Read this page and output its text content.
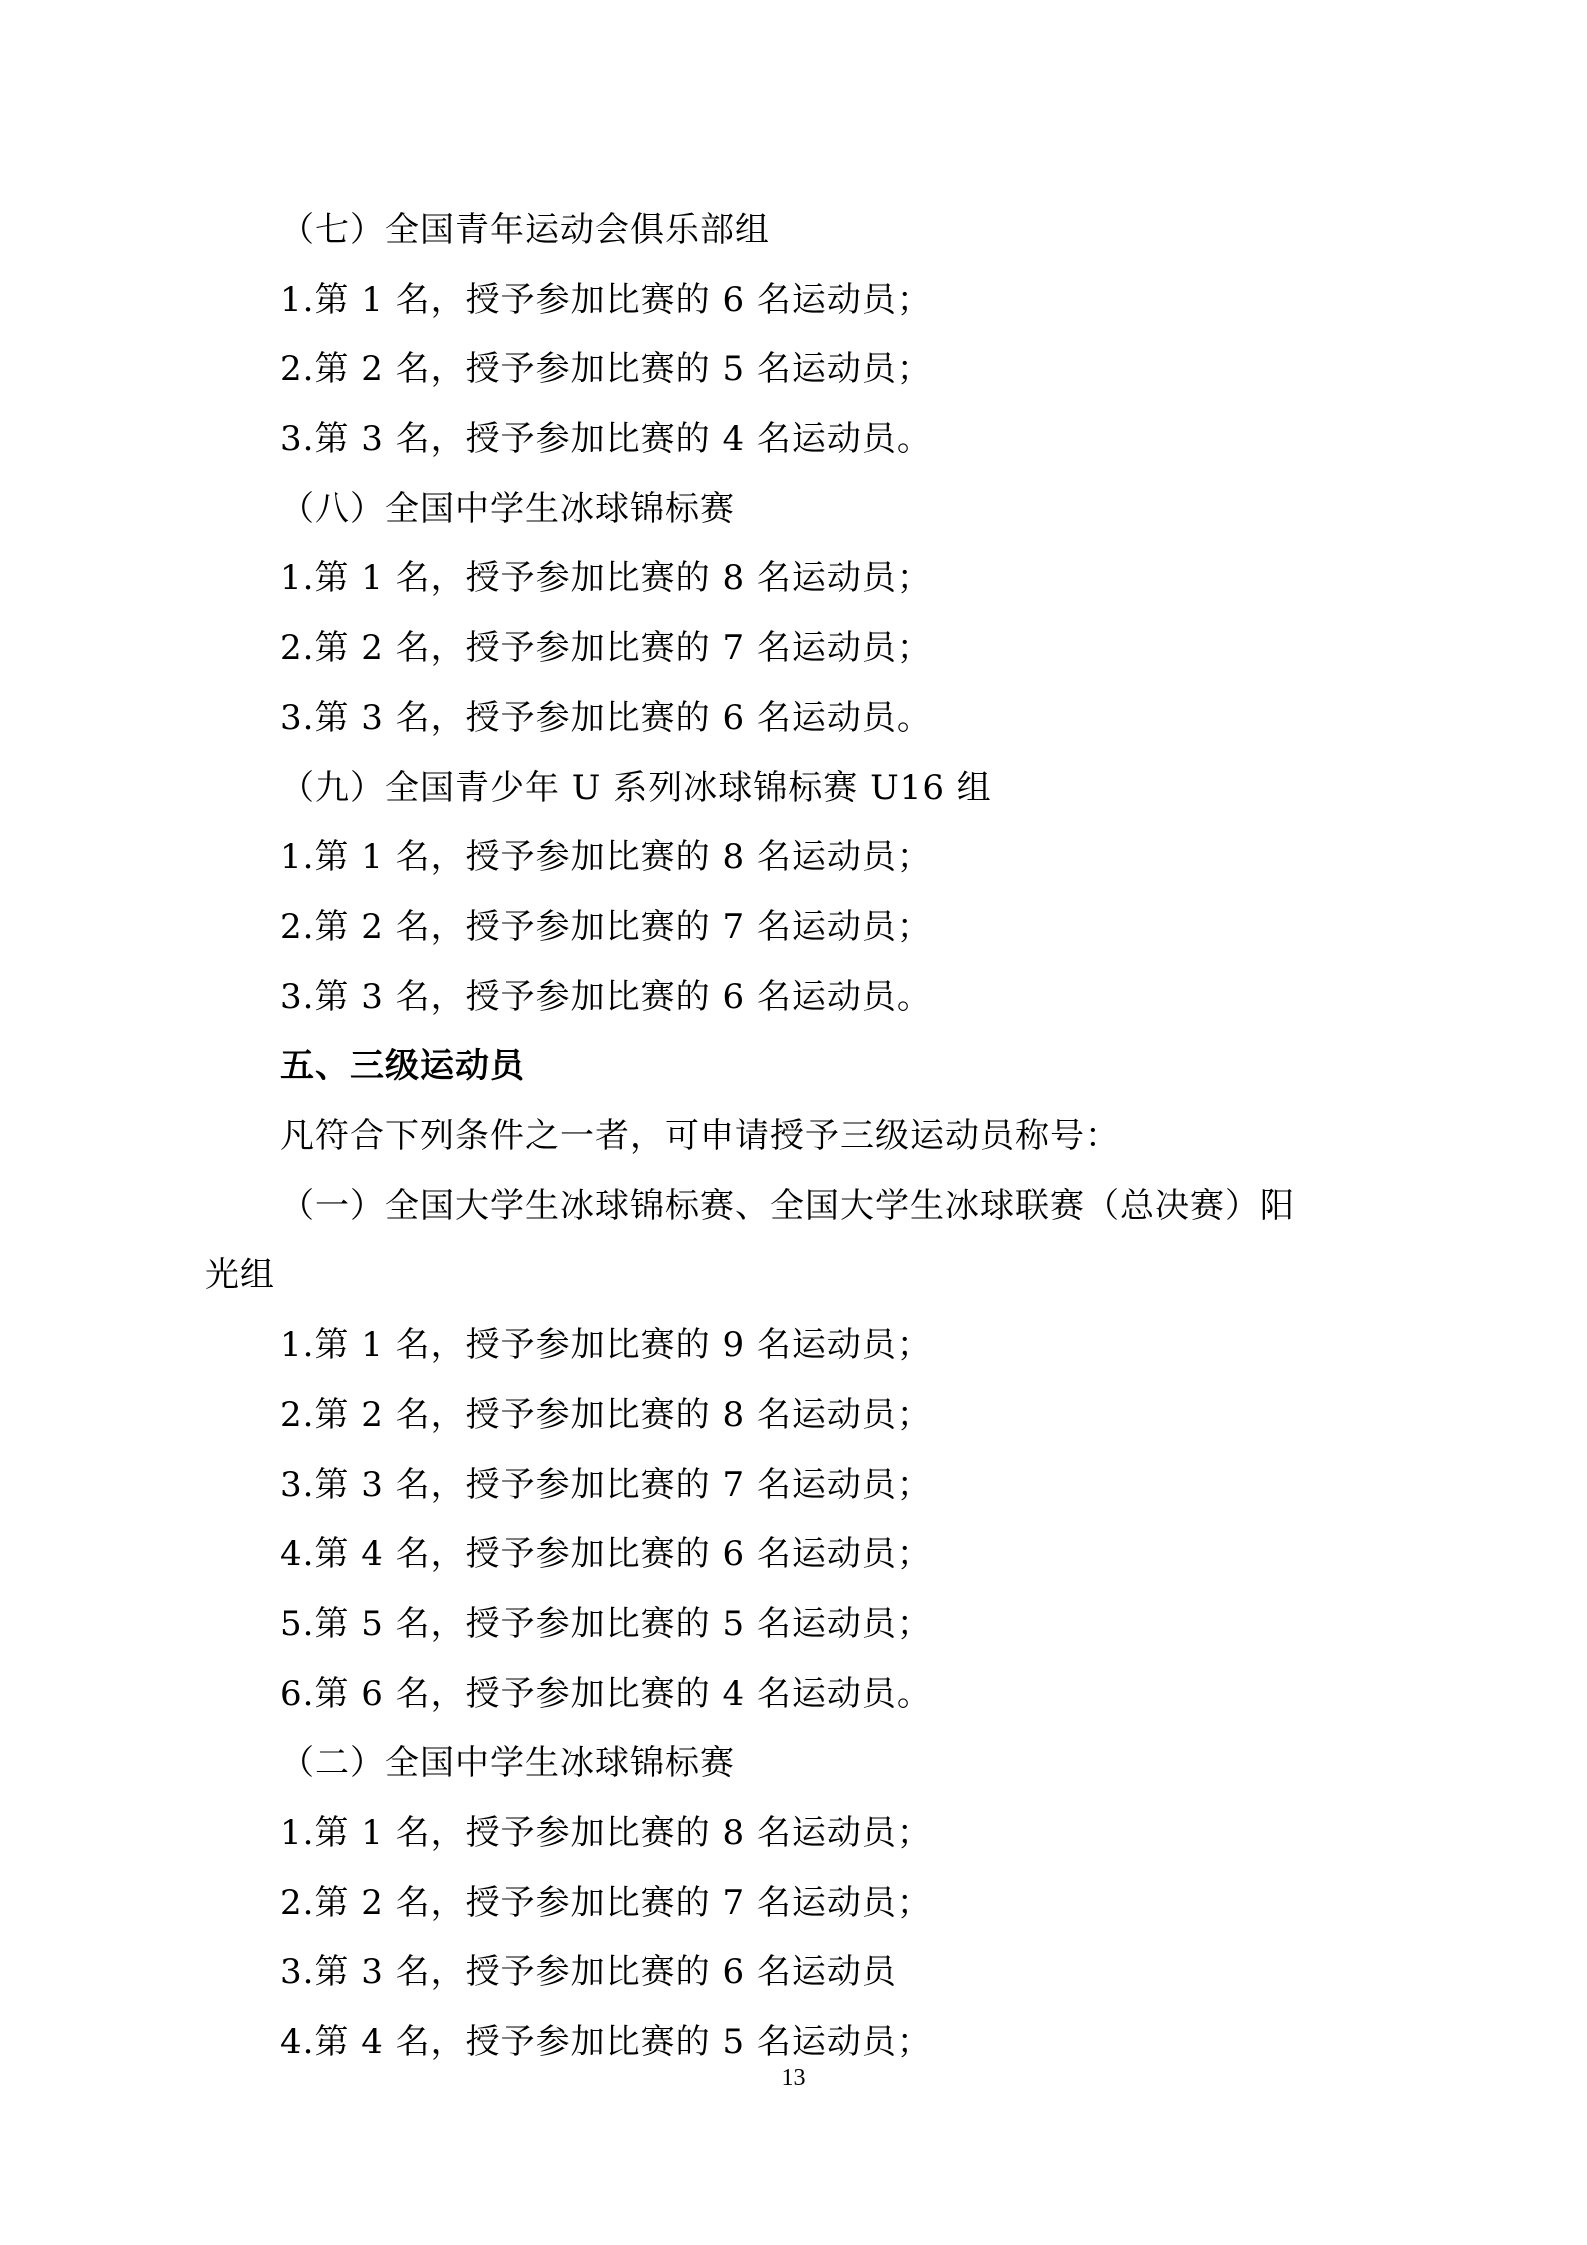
（七）全国青年运动会俱乐部组
1.第 1 名，授予参加比赛的 6 名运动员；
2.第 2 名，授予参加比赛的 5 名运动员；
3.第 3 名，授予参加比赛的 4 名运动员。
（八）全国中学生冰球锦标赛
1.第 1 名，授予参加比赛的 8 名运动员；
2.第 2 名，授予参加比赛的 7 名运动员；
3.第 3 名，授予参加比赛的 6 名运动员。
（九）全国青少年 U 系列冰球锦标赛 U16 组
1.第 1 名，授予参加比赛的 8 名运动员；
2.第 2 名，授予参加比赛的 7 名运动员；
3.第 3 名，授予参加比赛的 6 名运动员。
五、三级运动员
凡符合下列条件之一者，可申请授予三级运动员称号：
（一）全国大学生冰球锦标赛、全国大学生冰球联赛（总决赛）阳
光组
1.第 1 名，授予参加比赛的 9 名运动员；
2.第 2 名，授予参加比赛的 8 名运动员；
3.第 3 名，授予参加比赛的 7 名运动员；
4.第 4 名，授予参加比赛的 6 名运动员；
5.第 5 名，授予参加比赛的 5 名运动员；
6.第 6 名，授予参加比赛的 4 名运动员。
（二）全国中学生冰球锦标赛
1.第 1 名，授予参加比赛的 8 名运动员；
2.第 2 名，授予参加比赛的 7 名运动员；
3.第 3 名，授予参加比赛的 6 名运动员
4.第 4 名，授予参加比赛的 5 名运动员；
13
